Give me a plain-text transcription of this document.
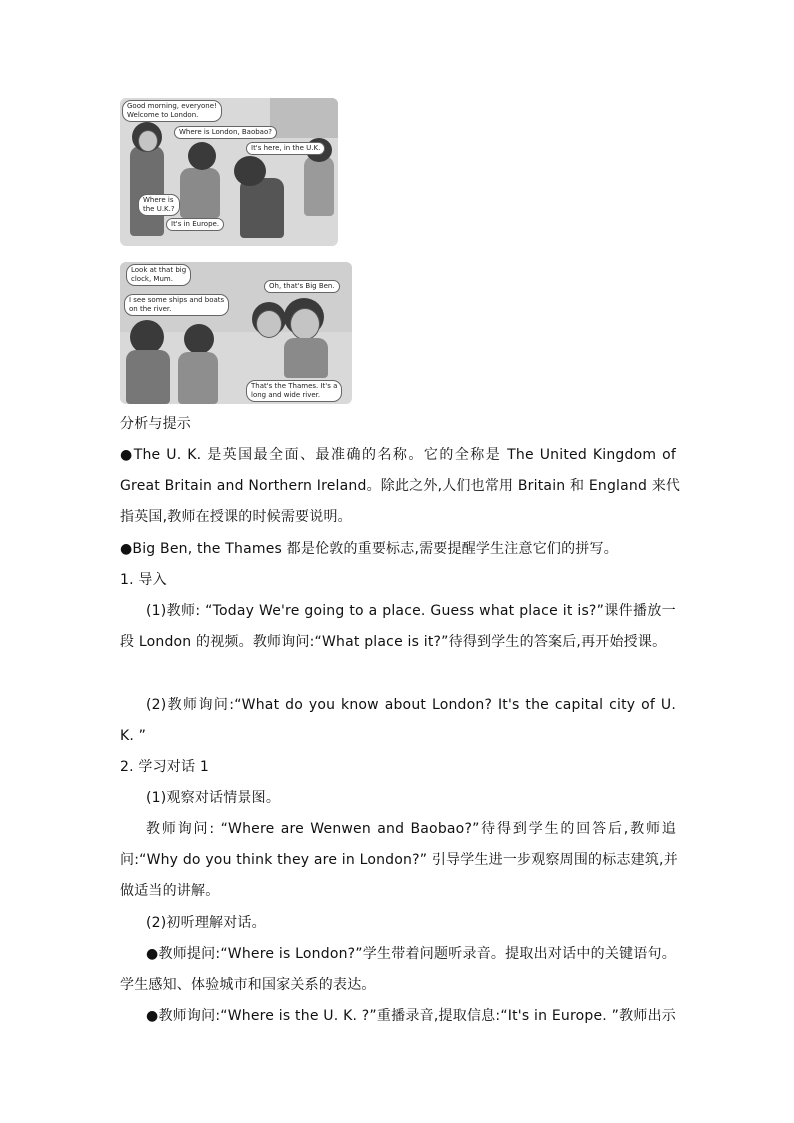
Good morning, everyone!
Welcome to London.
Where is London, Baobao?
It's here, in the U.K.
Where is
the U.K.?
It's in Europe.
Look at that big
clock, Mum.
Oh, that's Big Ben.
I see some ships and boats
on the river.
That's the Thames. It's a
long and wide river.
分析与提示
●The U. K. 是英国最全面、最准确的名称。它的全称是 The United Kingdom of
Great Britain and Northern Ireland。除此之外,人们也常用 Britain 和 England 来代
指英国,教师在授课的时候需要说明。
●Big Ben, the Thames 都是伦敦的重要标志,需要提醒学生注意它们的拼写。
1. 导入
(1)教师: “Today We're going to a place. Guess what place it is?”课件播放一
段 London 的视频。教师询问:“What place is it?”待得到学生的答案后,再开始授课。
(2)教师询问:“What do you know about London? It's the capital city of U.
K. ”
2. 学习对话 1
(1)观察对话情景图。
教师询问: “Where are Wenwen and Baobao?”待得到学生的回答后,教师追
问:“Why do you think they are in London?” 引导学生进一步观察周围的标志建筑,并
做适当的讲解。
(2)初听理解对话。
●教师提问:“Where is London?”学生带着问题听录音。提取出对话中的关键语句。
学生感知、体验城市和国家关系的表达。
●教师询问:“Where is the U. K. ?”重播录音,提取信息:“It's in Europe. ”教师出示
